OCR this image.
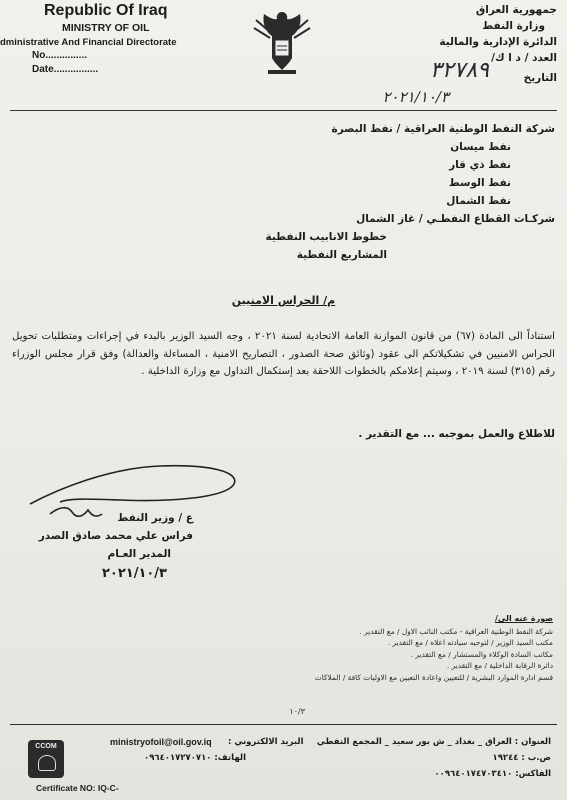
Republic Of Iraq
MINISTRY OF OIL
dministrative And Financial Directorate
No...............
Date................
جمهورية العراق
وزارة النفط
الدائرة الإدارية والمالية
العدد / د ا ك/
التاريخ
٣٢٧٨٩
٢٠٢١/١٠/٣
شركة النفط الوطنية العراقية / نفط البصرة
نفط ميسان
نفط ذي قار
نفط الوسط
نفط الشمال
شركـات القطاع النفطـي / غاز الشمال
خطوط الانابيب النفطية
المشاريع النفطية
م/ الحراس الامنيين
استناداً الى المادة (٦٧) من قانون الموازنة العامة الاتحادية لسنة ٢٠٢١ ، وجه السيد الوزير بالبدء في إجراءات ومتطلبات تحويل الحراس الامنيين في تشكيلاتكم الى عقود (وثائق صحة الصدور ، التصاريح الامنية ، المساءلة والعدالة) وفق قرار مجلس الوزراء رقم (٣١٥) لسنة ٢٠١٩ ، وسيتم إعلامكم بالخطوات اللاحقة بعد إستكمال التداول مع وزارة الداخلية .
للاطلاع والعمل بموجبه ... مع التقدير .
ع / وزير النفط
فراس علي محمد صادق الصدر
المدير العـام
٢٠٢١/١٠/٣
صورة عنه الى/
شركة النفط الوطنية العراقية - مكتب النائب الاول / مع التقدير .
مكتب السيد الوزير / لتوجيه سيادته اعلاه / مع التقدير .
مكاتب السادة الوكلاء والمستشار / مع التقدير .
دائرة الرقابة الداخلية / مع التقدير .
قسم ادارة الموارد البشرية / للتعيين واعادة التعيين مع الاوليات كافة / الملاكات
١٠/٣
CCOM
Certificate NO: IQ-C-
ministryofoil@oil.gov.iq البريد الالكتروني :
الهاتف: ٠٩٦٤٠١٧٢٧٠٧١٠
العنوان : العراق _ بغداد _ ش بور سعيد _ المجمع النفطي
ص.ب : ١٩٢٤٤
الفاكس: ٠٠٩٦٤٠١٧٤٧٠٣٤١٠
